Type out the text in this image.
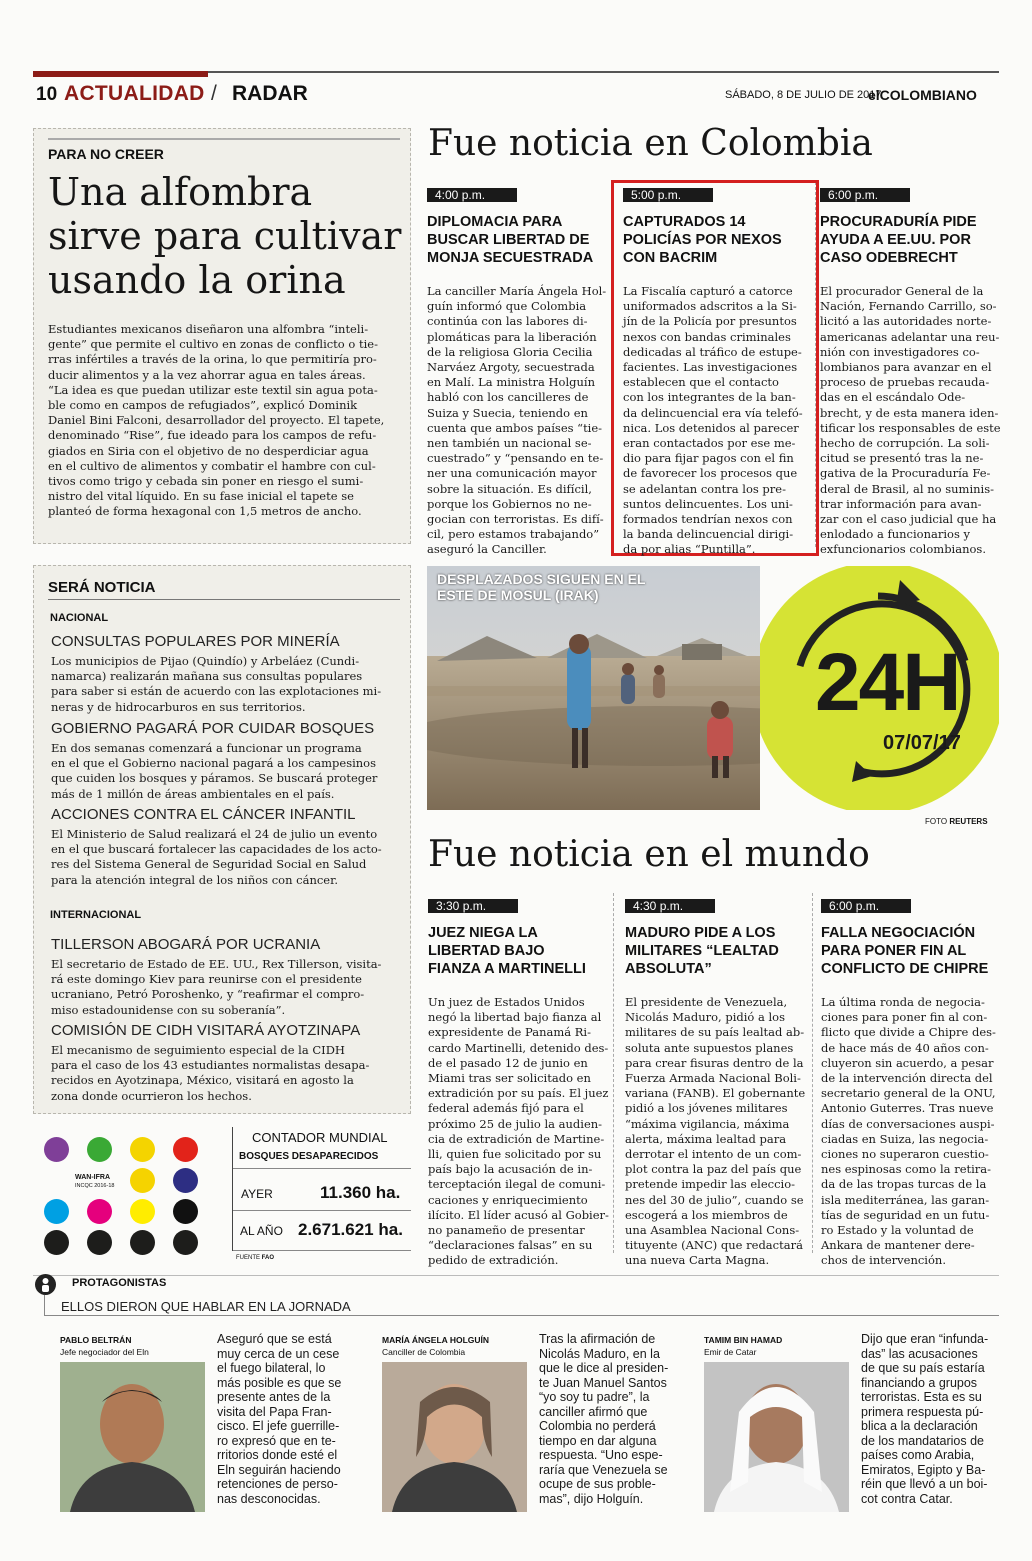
10 ACTUALIDAD / RADAR	SÁBADO, 8 DE JULIO DE 2017
elCOLOMBIANO
PARA NO CREER
Una alfombra
sirve para cultivar
usando la orina
Estudiantes mexicanos diseñaron una alfombra “inteli-
gente” que permite el cultivo en zonas de conflicto o tie-
rras infértiles a través de la orina, lo que permitiría pro-
ducir alimentos y a la vez ahorrar agua en tales áreas.
“La idea es que puedan utilizar este textil sin agua pota-
ble como en campos de refugiados”, explicó Dominik
Daniel Bini Falconi, desarrollador del proyecto. El tapete,
denominado “Rise”, fue ideado para los campos de refu-
giados en Siria con el objetivo de no desperdiciar agua
en el cultivo de alimentos y combatir el hambre con cul-
tivos como trigo y cebada sin poner en riesgo el sumi-
nistro del vital líquido. En su fase inicial el tapete se
planteó de forma hexagonal con 1,5 metros de ancho.
Fue noticia en Colombia
4:00 p.m.
DIPLOMACIA PARA
BUSCAR LIBERTAD DE
MONJA SECUESTRADA
La canciller María Ángela Hol-
guín informó que Colombia
continúa con las labores di-
plomáticas para la liberación
de la religiosa Gloria Cecilia
Narváez Argoty, secuestrada
en Malí. La ministra Holguín
habló con los cancilleres de
Suiza y Suecia, teniendo en
cuenta que ambos países “tie-
nen también un nacional se-
cuestrado” y “pensando en te-
ner una comunicación mayor
sobre la situación. Es difícil,
porque los Gobiernos no ne-
gocian con terroristas. Es difí-
cil, pero estamos trabajando”
aseguró la Canciller.
5:00 p.m.
CAPTURADOS 14
POLICÍAS POR NEXOS
CON BACRIM
La Fiscalía capturó a catorce
uniformados adscritos a la Si-
jín de la Policía por presuntos
nexos con bandas criminales
dedicadas al tráfico de estupe-
facientes. Las investigaciones
establecen que el contacto
con los integrantes de la ban-
da delincuencial era vía telefó-
nica. Los detenidos al parecer
eran contactados por ese me-
dio para fijar pagos con el fin
de favorecer los procesos que
se adelantan contra los pre-
suntos delincuentes. Los uni-
formados tendrían nexos con
la banda delincuencial dirigi-
da por alias “Puntilla”.
6:00 p.m.
PROCURADURÍA PIDE
AYUDA A EE.UU. POR
CASO ODEBRECHT
El procurador General de la
Nación, Fernando Carrillo, so-
licitó a las autoridades norte-
americanas adelantar una reu-
nión con investigadores co-
lombianos para avanzar en el
proceso de pruebas recauda-
das en el escándalo Ode-
brecht, y de esta manera iden-
tificar los responsables de este
hecho de corrupción. La soli-
citud se presentó tras la ne-
gativa de la Procuraduría Fe-
deral de Brasil, al no suminis-
trar información para avan-
zar con el caso judicial que ha
enlodado a funcionarios y
exfuncionarios colombianos.
SERÁ NOTICIA
NACIONAL
CONSULTAS POPULARES POR MINERÍA
Los municipios de Pijao (Quindío) y Arbeláez (Cundi-
namarca) realizarán mañana sus consultas populares
para saber si están de acuerdo con las explotaciones mi-
neras y de hidrocarburos en sus territorios.
GOBIERNO PAGARÁ POR CUIDAR BOSQUES
En dos semanas comenzará a funcionar un programa
en el que el Gobierno nacional pagará a los campesinos
que cuiden los bosques y páramos. Se buscará proteger
más de 1 millón de áreas ambientales en el país.
ACCIONES CONTRA EL CÁNCER INFANTIL
El Ministerio de Salud realizará el 24 de julio un evento
en el que buscará fortalecer las capacidades de los acto-
res del Sistema General de Seguridad Social en Salud
para la atención integral de los niños con cáncer.
INTERNACIONAL
TILLERSON ABOGARÁ POR UCRANIA
El secretario de Estado de EE. UU., Rex Tillerson, visita-
rá este domingo Kiev para reunirse con el presidente
ucraniano, Petró Poroshenko, y “reafirmar el compro-
miso estadounidense con su soberanía”.
COMISIÓN DE CIDH VISITARÁ AYOTZINAPA
El mecanismo de seguimiento especial de la CIDH
para el caso de los 43 estudiantes normalistas desapa-
recidos en Ayotzinapa, México, visitará en agosto la
zona donde ocurrieron los hechos.
24H
07/07/17
DESPLAZADOS SIGUEN EN EL
ESTE DE MOSUL (IRAK)
FOTO REUTERS
Fue noticia en el mundo
3:30 p.m.
JUEZ NIEGA LA
LIBERTAD BAJO
FIANZA A MARTINELLI
Un juez de Estados Unidos
negó la libertad bajo fianza al
expresidente de Panamá Ri-
cardo Martinelli, detenido des-
de el pasado 12 de junio en
Miami tras ser solicitado en
extradición por su país. El juez
federal además fijó para el
próximo 25 de julio la audien-
cia de extradición de Martine-
lli, quien fue solicitado por su
país bajo la acusación de in-
terceptación ilegal de comuni-
caciones y enriquecimiento
ilícito. El líder acusó al Gobier-
no panameño de presentar
“declaraciones falsas” en su
pedido de extradición.
4:30 p.m.
MADURO PIDE A LOS
MILITARES “LEALTAD
ABSOLUTA”
El presidente de Venezuela,
Nicolás Maduro, pidió a los
militares de su país lealtad ab-
soluta ante supuestos planes
para crear fisuras dentro de la
Fuerza Armada Nacional Boli-
variana (FANB). El gobernante
pidió a los jóvenes militares
“máxima vigilancia, máxima
alerta, máxima lealtad para
derrotar el intento de un com-
plot contra la paz del país que
pretende impedir las eleccio-
nes del 30 de julio”, cuando se
escogerá a los miembros de
una Asamblea Nacional Cons-
tituyente (ANC) que redactará
una nueva Carta Magna.
6:00 p.m.
FALLA NEGOCIACIÓN
PARA PONER FIN AL
CONFLICTO DE CHIPRE
La última ronda de negocia-
ciones para poner fin al con-
flicto que divide a Chipre des-
de hace más de 40 años con-
cluyeron sin acuerdo, a pesar
de la intervención directa del
secretario general de la ONU,
Antonio Guterres. Tras nueve
días de conversaciones auspi-
ciadas en Suiza, las negocia-
ciones no superaron cuestio-
nes espinosas como la retira-
da de las tropas turcas de la
isla mediterránea, las garan-
tías de seguridad en un futu-
ro Estado y la voluntad de
Ankara de mantener dere-
chos de intervención.
WAN-IFRA
INCQC 2016-18
CONTADOR MUNDIAL
BOSQUES DESAPARECIDOS
AYER	11.360 ha.
AL AÑO 2.671.621 ha.
FUENTE FAO
PROTAGONISTAS
ELLOS DIERON QUE HABLAR EN LA JORNADA
PABLO BELTRÁN
Jefe negociador del Eln
Aseguró que se está
muy cerca de un cese
el fuego bilateral, lo
más posible es que se
presente antes de la
visita del Papa Fran-
cisco. El jefe guerrille-
ro expresó que en te-
rritorios donde esté el
Eln seguirán haciendo
retenciones de perso-
nas desconocidas.
MARÍA ÁNGELA HOLGUÍN
Canciller de Colombia
Tras la afirmación de
Nicolás Maduro, en la
que le dice al presiden-
te Juan Manuel Santos
“yo soy tu padre”, la
canciller afirmó que
Colombia no perderá
tiempo en dar alguna
respuesta. “Uno espe-
raría que Venezuela se
ocupe de sus proble-
mas”, dijo Holguín.
TAMIM BIN HAMAD
Emir de Catar
Dijo que eran “infunda-
das” las acusaciones
de que su país estaría
financiando a grupos
terroristas. Esta es su
primera respuesta pú-
blica a la declaración
de los mandatarios de
países como Arabia,
Emiratos, Egipto y Ba-
réin que llevó a un boi-
cot contra Catar.
